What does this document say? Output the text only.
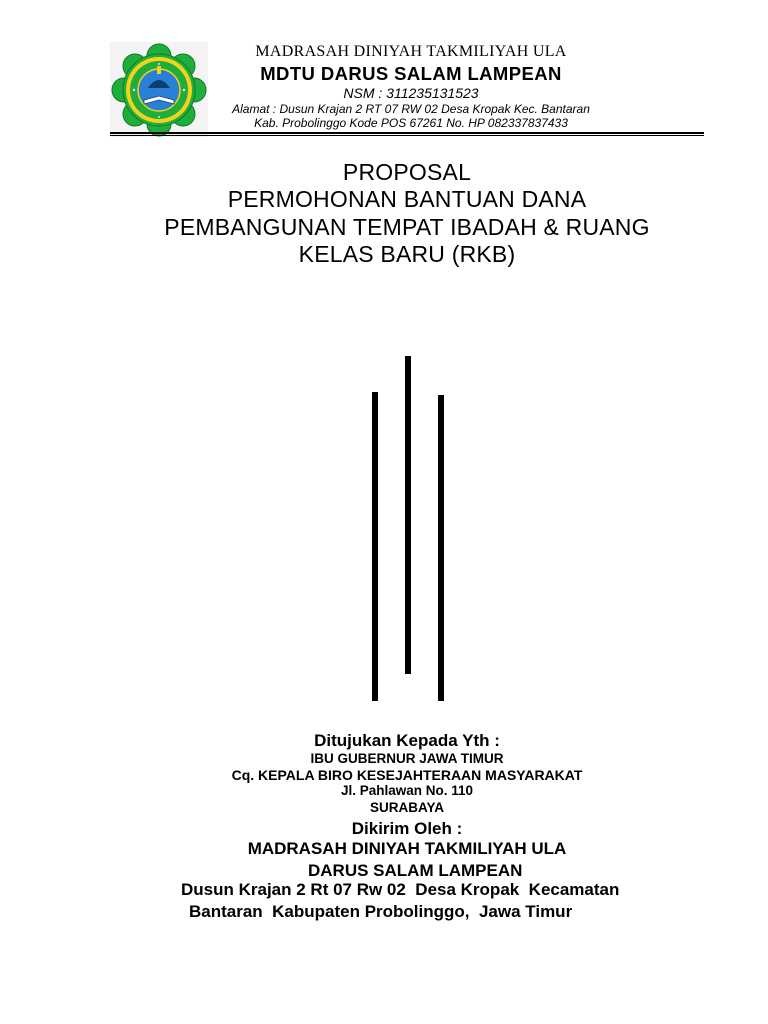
MADRASAH DINIYAH TAKMILIYAH ULA
MDTU DARUS SALAM LAMPEAN
NSM : 311235131523
Alamat : Dusun Krajan 2 RT 07 RW 02 Desa Kropak Kec. Bantaran
Kab. Probolinggo Kode POS 67261 No. HP 082337837433
PROPOSAL
PERMOHONAN BANTUAN DANA
PEMBANGUNAN TEMPAT IBADAH & RUANG
KELAS BARU (RKB)
Ditujukan Kepada Yth :
IBU GUBERNUR JAWA TIMUR
Cq. KEPALA BIRO KESEJAHTERAAN MASYARAKAT
Jl. Pahlawan No. 110
SURABAYA
Dikirim Oleh :
MADRASAH DINIYAH TAKMILIYAH ULA
DARUS SALAM LAMPEAN
Dusun Krajan 2 Rt 07 Rw 02  Desa Kropak  Kecamatan
Bantaran  Kabupaten Probolinggo,  Jawa Timur
